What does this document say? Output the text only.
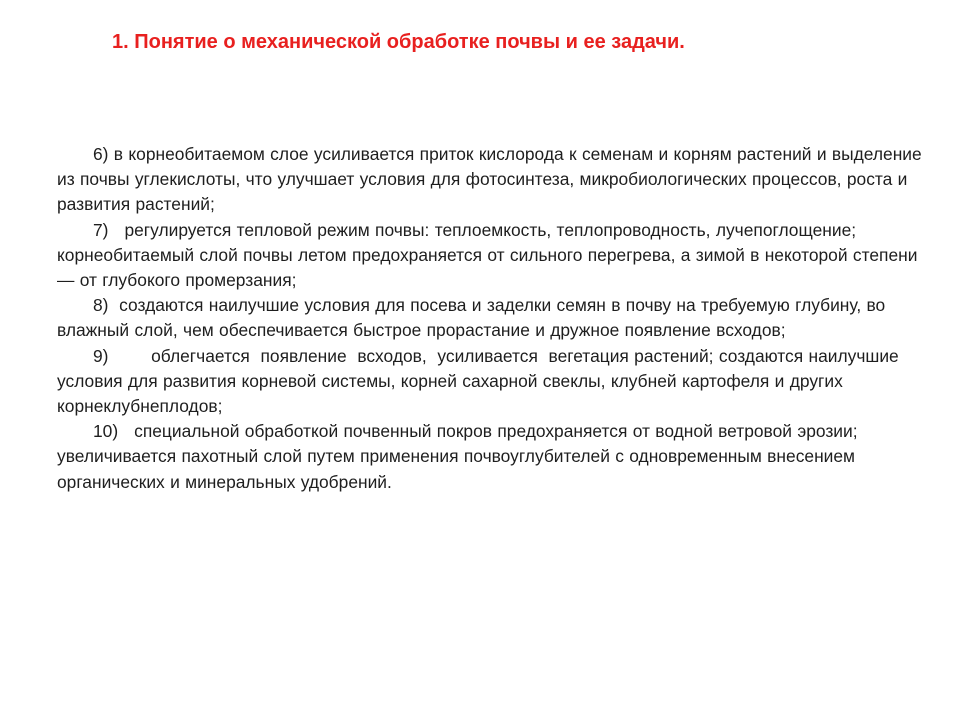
1. Понятие о механической обработке почвы и ее задачи.

6) в корнеобитаемом слое усиливается приток кислорода к семенам и корням растений и выделение из почвы углекислоты, что улучшает условия для фотосинтеза, микробиологических процессов, роста и развития растений;

7)   регулируется тепловой режим почвы: теплоемкость, теплопроводность, лучепоглощение; корнеобитаемый слой почвы летом предохраняется от сильного перегрева, а зимой в некоторой степени — от глубокого промерзания;

8)  создаются наилучшие условия для посева и заделки семян в почву на требуемую глубину, во влажный слой, чем обеспечивается быстрое прорастание и дружное появление всходов;

9)        облегчается  появление  всходов,  усиливается  вегетация растений; создаются наилучшие условия для развития корневой системы, корней сахарной свеклы, клубней картофеля и других корнеклубнеплодов;

10)   специальной обработкой почвенный покров предохраняется от водной ветровой эрозии; увеличивается пахотный слой путем применения почвоуглубителей с одновременным внесением органических и минеральных удобрений.
